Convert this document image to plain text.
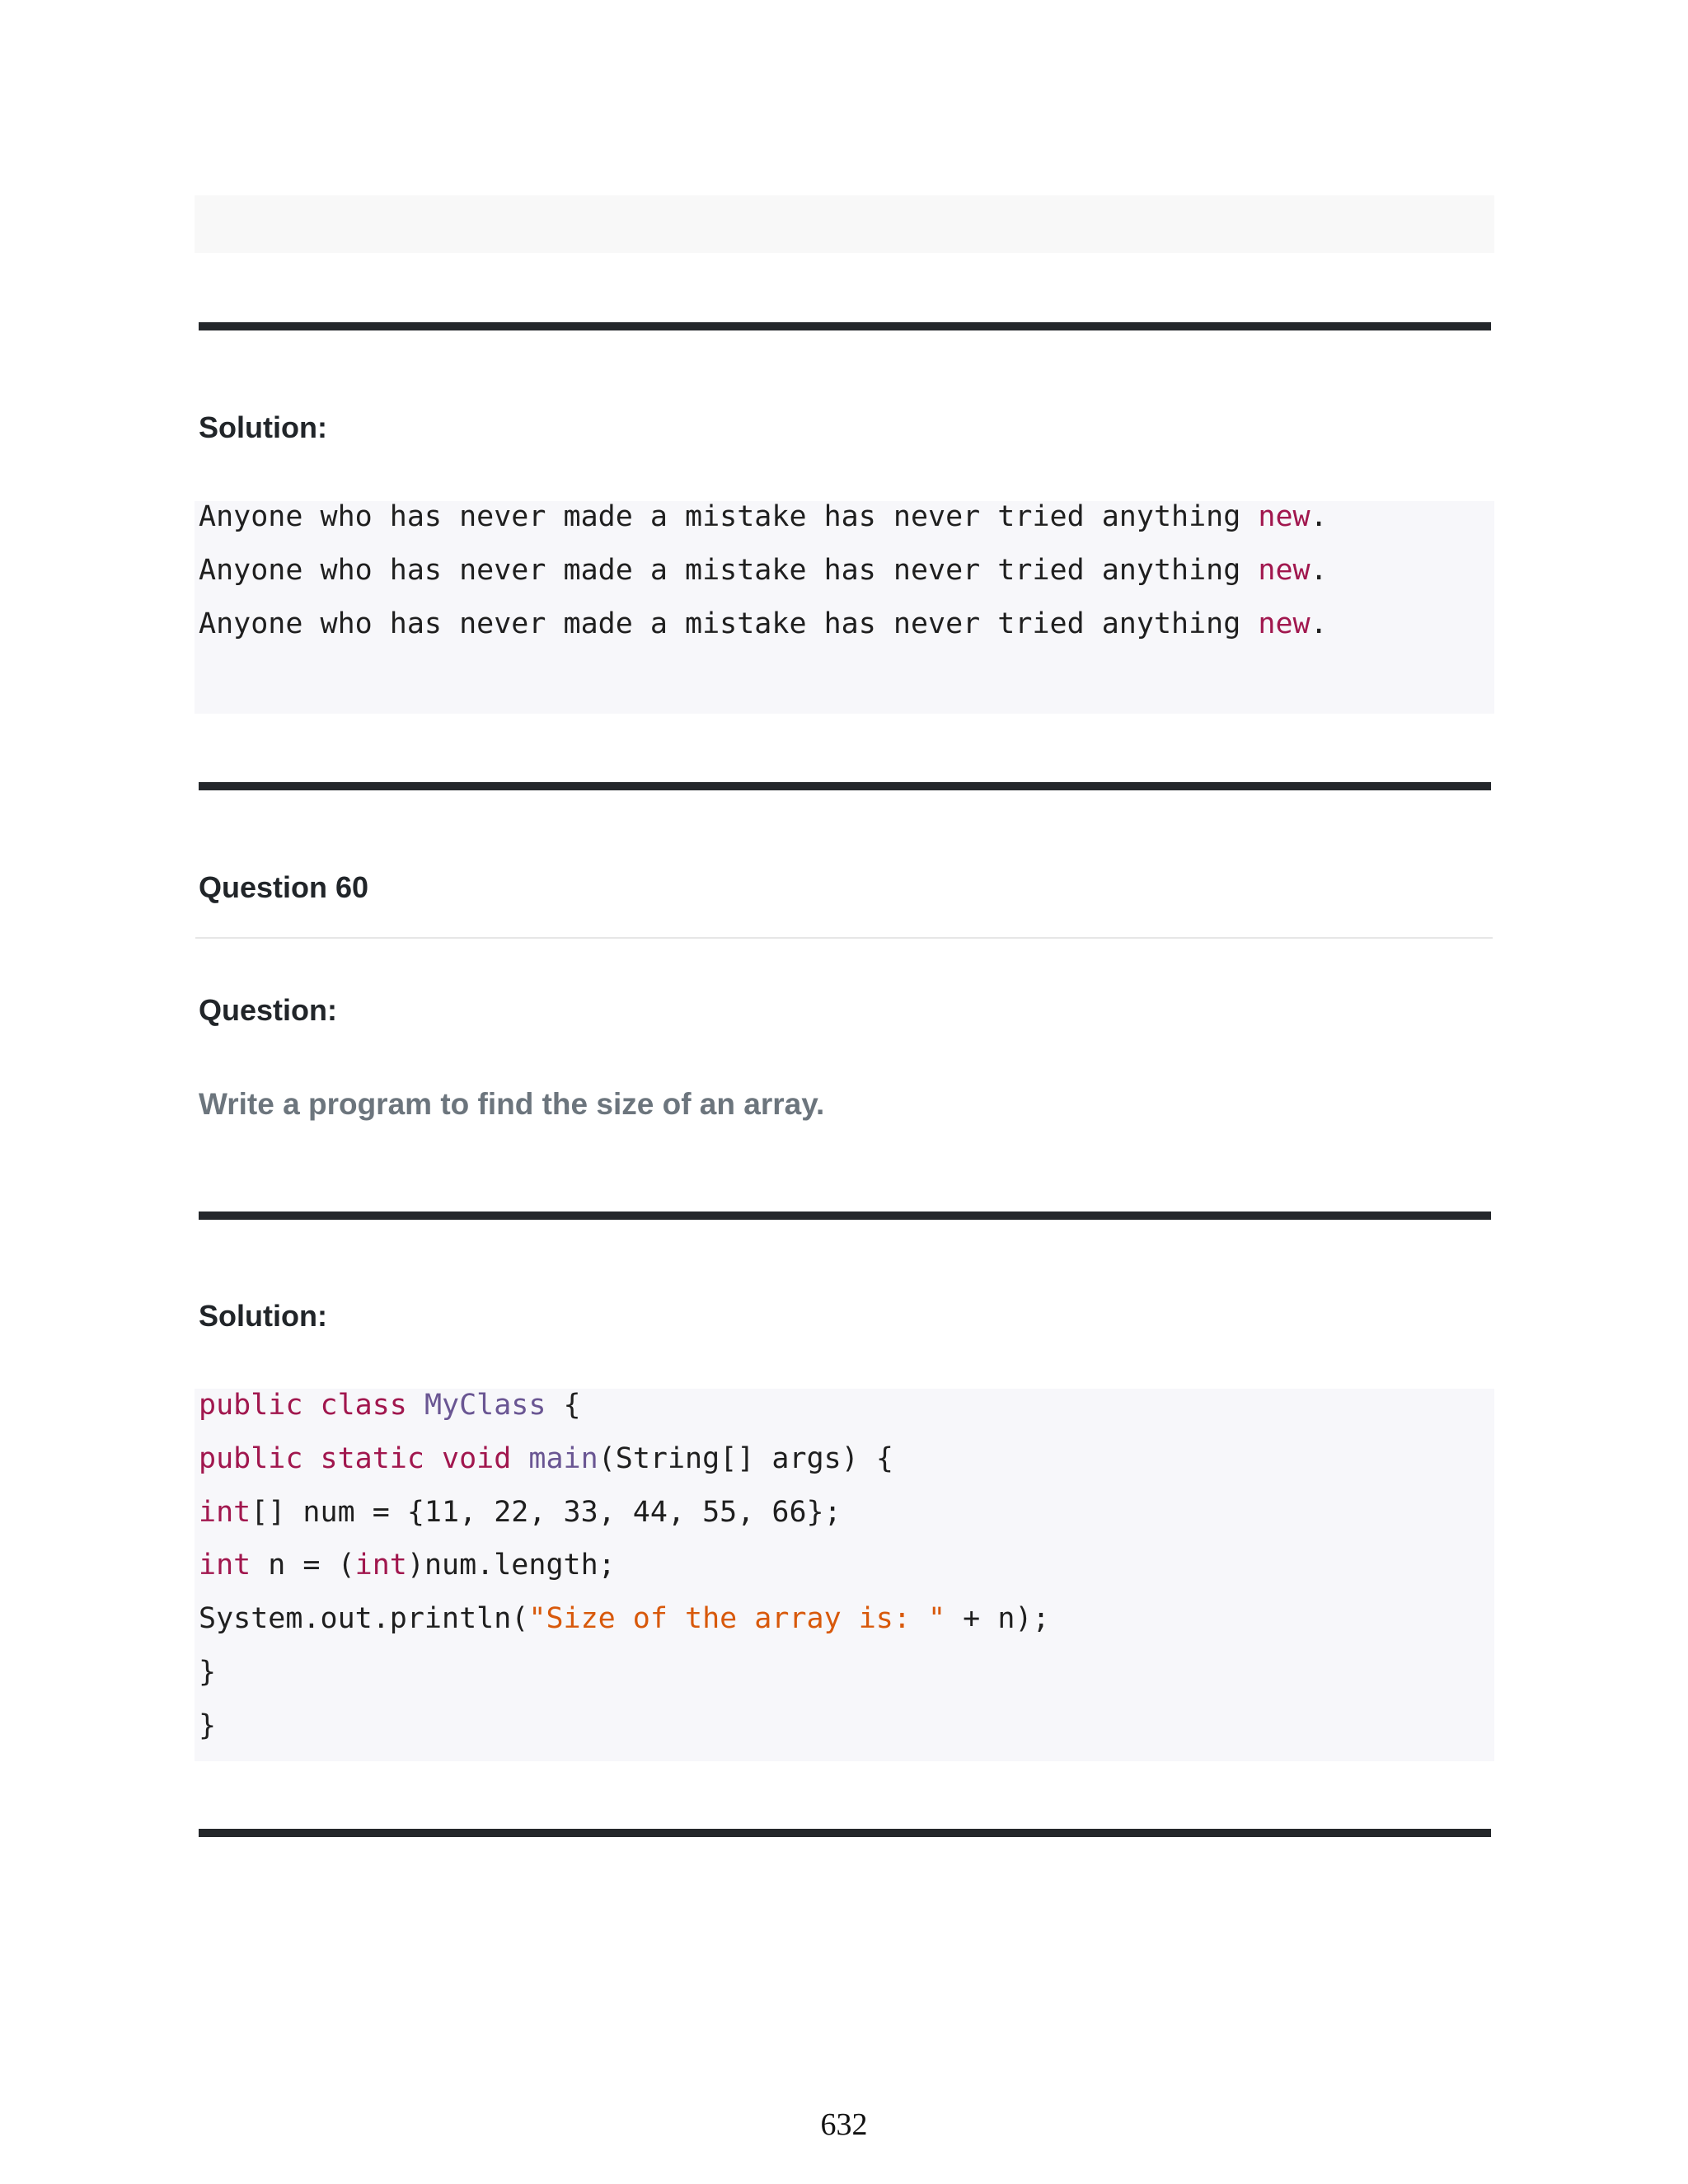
Solution:
Anyone who has never made a mistake has never tried anything new.
Anyone who has never made a mistake has never tried anything new.
Anyone who has never made a mistake has never tried anything new.
Question 60
Question:
Write a program to find the size of an array.
Solution:
public class MyClass {
public static void main(String[] args) {
int[] num = {11, 22, 33, 44, 55, 66};
int n = (int)num.length;
System.out.println("Size of the array is: " + n);
}
}
632
